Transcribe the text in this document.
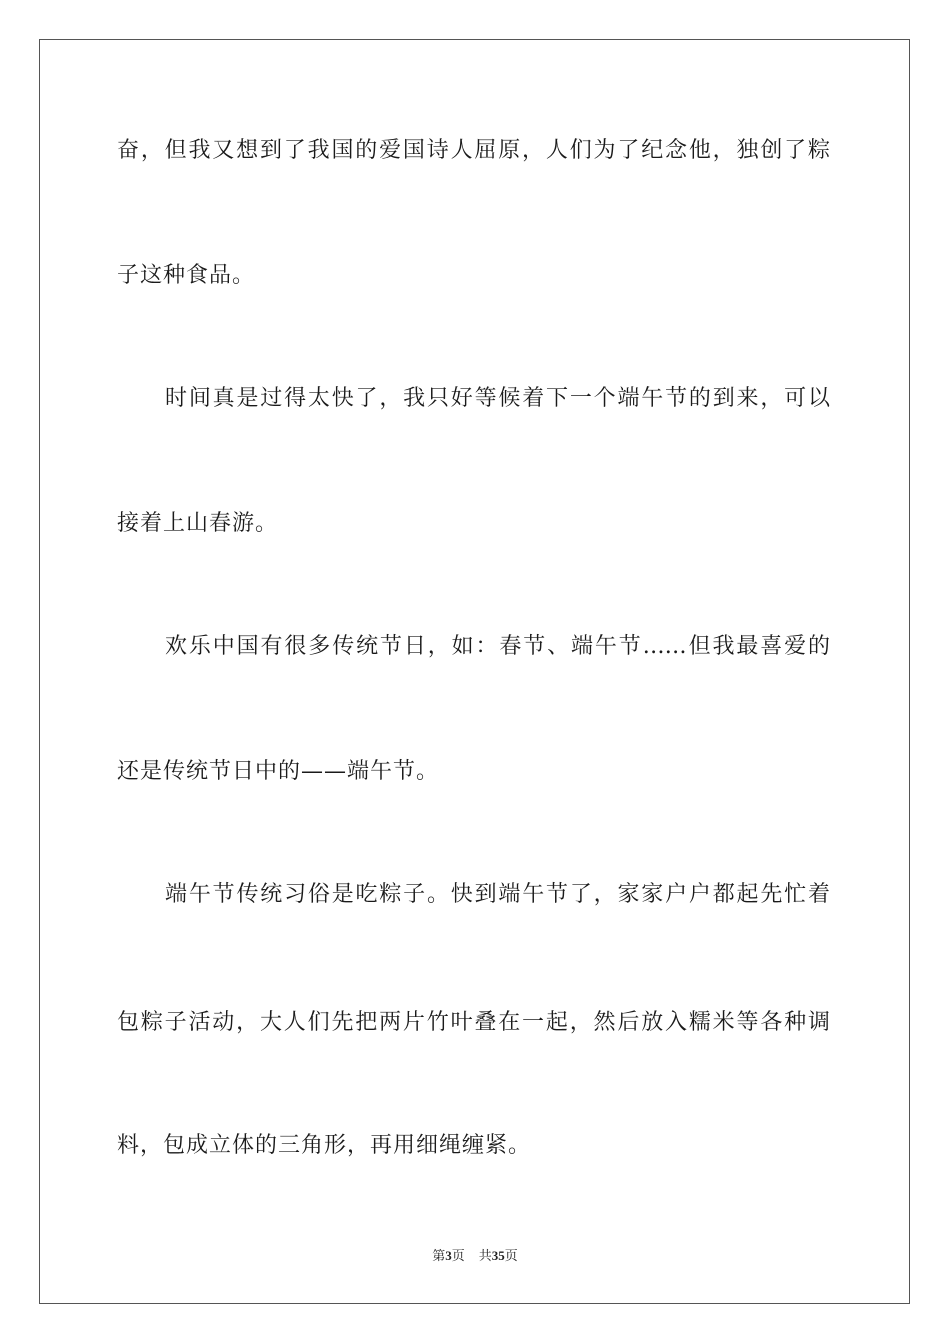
奋，但我又想到了我国的爱国诗人屈原，人们为了纪念他，独创了粽
子这种食品。
时间真是过得太快了，我只好等候着下一个端午节的到来，可以
接着上山春游。
欢乐中国有很多传统节日，如：春节、端午节……但我最喜爱的
还是传统节日中的——端午节。
端午节传统习俗是吃粽子。快到端午节了，家家户户都起先忙着
包粽子活动，大人们先把两片竹叶叠在一起，然后放入糯米等各种调
料，包成立体的三角形，再用细绳缠紧。
第3页 共35页
